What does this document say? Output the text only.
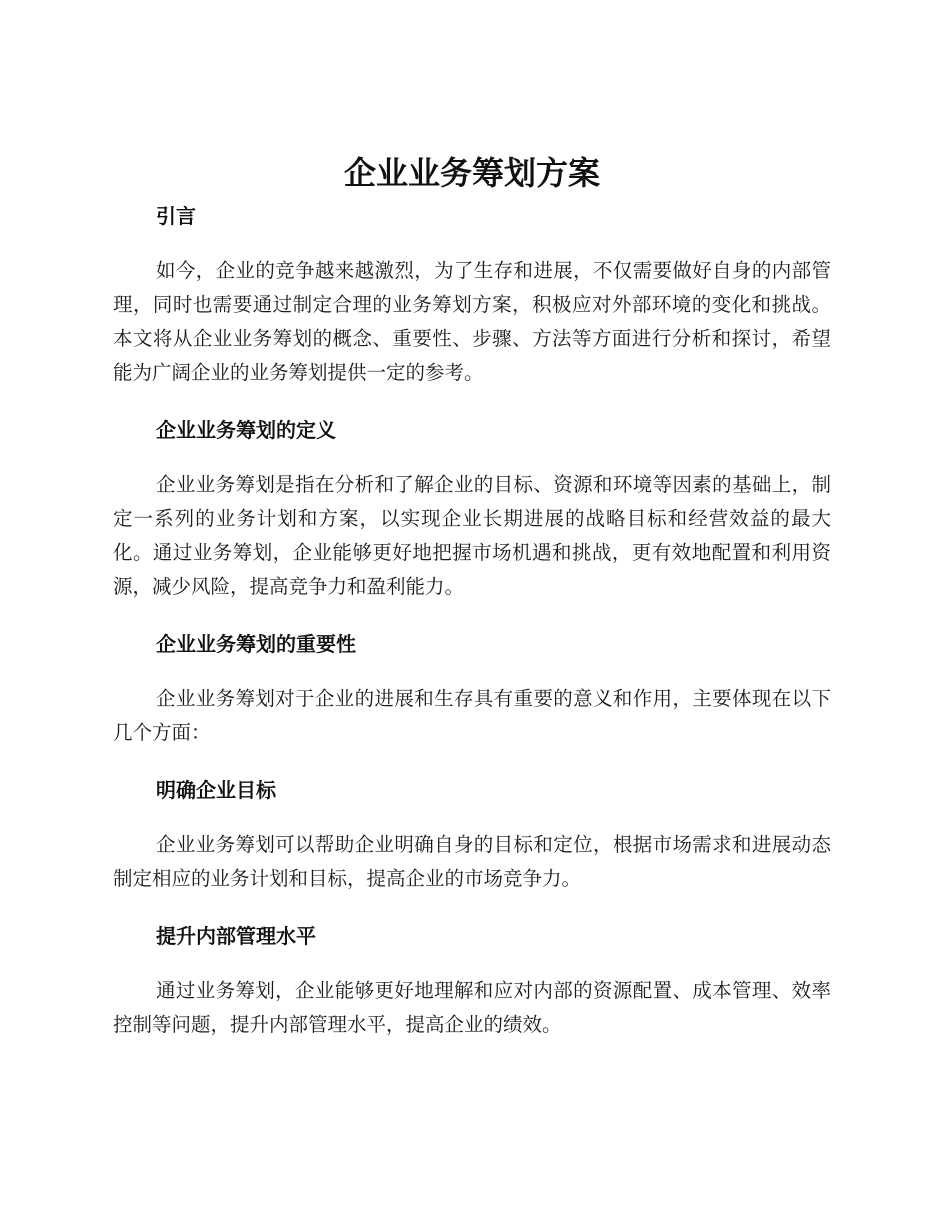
企业业务筹划方案
引言

如今，企业的竞争越来越激烈，为了生存和进展，不仅需要做好自身的内部管理，同时也需要通过制定合理的业务筹划方案，积极应对外部环境的变化和挑战。本文将从企业业务筹划的概念、重要性、步骤、方法等方面进行分析和探讨，希望能为广阔企业的业务筹划提供一定的参考。

企业业务筹划的定义

企业业务筹划是指在分析和了解企业的目标、资源和环境等因素的基础上，制定一系列的业务计划和方案，以实现企业长期进展的战略目标和经营效益的最大化。通过业务筹划，企业能够更好地把握市场机遇和挑战，更有效地配置和利用资源，减少风险，提高竞争力和盈利能力。

企业业务筹划的重要性

企业业务筹划对于企业的进展和生存具有重要的意义和作用，主要体现在以下几个方面：

明确企业目标

企业业务筹划可以帮助企业明确自身的目标和定位，根据市场需求和进展动态制定相应的业务计划和目标，提高企业的市场竞争力。

提升内部管理水平

通过业务筹划，企业能够更好地理解和应对内部的资源配置、成本管理、效率控制等问题，提升内部管理水平，提高企业的绩效。
